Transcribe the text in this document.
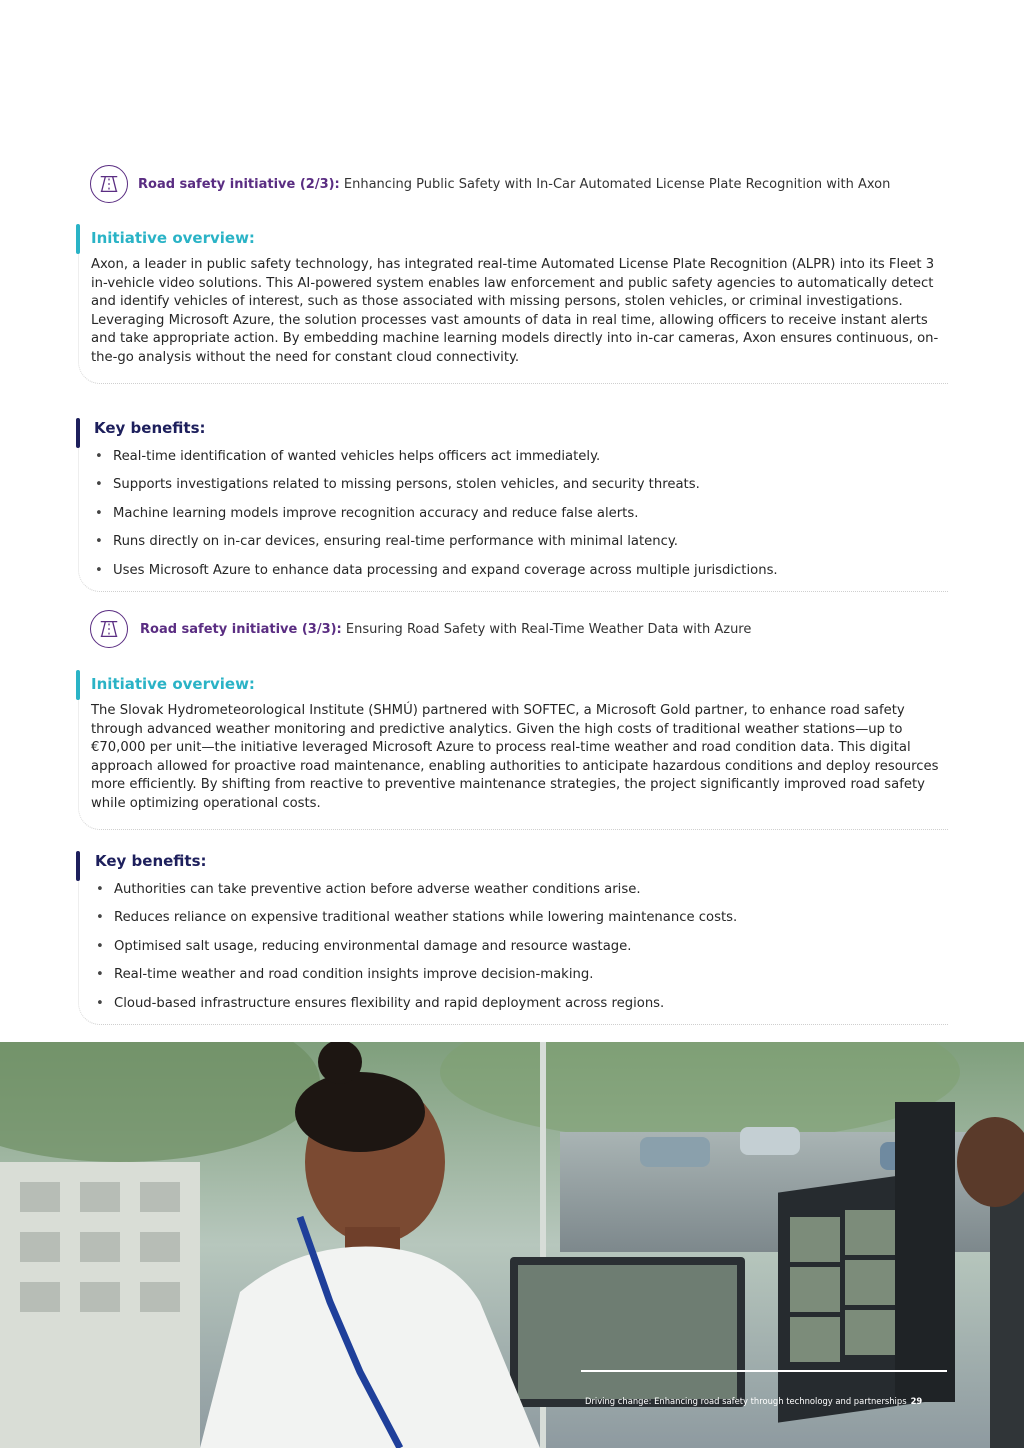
Road safety initiative (2/3): Enhancing Public Safety with In-Car Automated License Plate Recognition with Axon
Initiative overview:

Axon, a leader in public safety technology, has integrated real-time Automated License Plate Recognition (ALPR) into its Fleet 3 in-vehicle video solutions. This AI-powered system enables law enforcement and public safety agencies to automatically detect and identify vehicles of interest, such as those associated with missing persons, stolen vehicles, or criminal investigations. Leveraging Microsoft Azure, the solution processes vast amounts of data in real time, allowing officers to receive instant alerts and take appropriate action. By embedding machine learning models directly into in-car cameras, Axon ensures continuous, on-the-go analysis without the need for constant cloud connectivity.

Key benefits:
• Real-time identification of wanted vehicles helps officers act immediately.
• Supports investigations related to missing persons, stolen vehicles, and security threats.
• Machine learning models improve recognition accuracy and reduce false alerts.
• Runs directly on in-car devices, ensuring real-time performance with minimal latency.
• Uses Microsoft Azure to enhance data processing and expand coverage across multiple jurisdictions.
Road safety initiative (3/3): Ensuring Road Safety with Real-Time Weather Data with Azure
Initiative overview:

The Slovak Hydrometeorological Institute (SHMÚ) partnered with SOFTEC, a Microsoft Gold partner, to enhance road safety through advanced weather monitoring and predictive analytics. Given the high costs of traditional weather stations—up to €70,000 per unit—the initiative leveraged Microsoft Azure to process real-time weather and road condition data. This digital approach allowed for proactive road maintenance, enabling authorities to anticipate hazardous conditions and deploy resources more efficiently. By shifting from reactive to preventive maintenance strategies, the project significantly improved road safety while optimizing operational costs.

Key benefits:
• Authorities can take preventive action before adverse weather conditions arise.
• Reduces reliance on expensive traditional weather stations while lowering maintenance costs.
• Optimised salt usage, reducing environmental damage and resource wastage.
• Real-time weather and road condition insights improve decision-making.
• Cloud-based infrastructure ensures flexibility and rapid deployment across regions.
Driving change: Enhancing road safety through technology and partnerships 29
